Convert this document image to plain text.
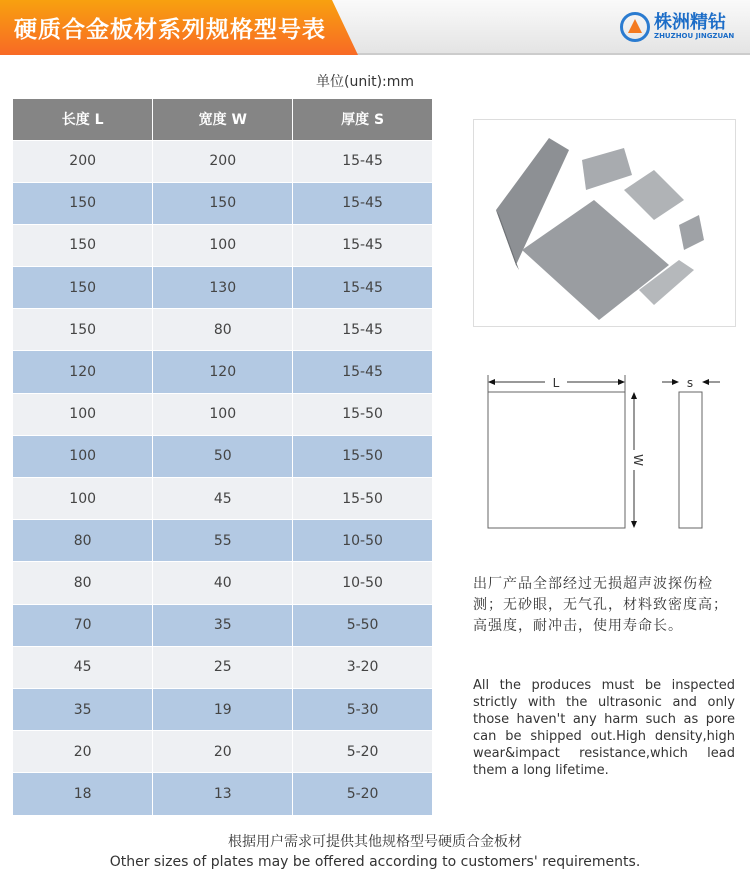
硬质合金板材系列规格型号表	株洲精钻
ZHUZHOU JINGZUAN
单位(unit):mm
长度 L	宽度 W	厚度 S
200	200	15-45
150	150	15-45
150	100	15-45
150	130	15-45
150	80	15-45
120	120	15-45
100	100	15-50
100	50	15-50
100	45	15-50
80	55	10-50
80	40	10-50
70	35	5-50
45	25	3-20
35	19	5-30
20	20	5-20
18	13	5-20
L
W
s
出厂产品全部经过无损超声波探伤检测；无砂眼，无气孔，材料致密度高；高强度，耐冲击，使用寿命长。
All the produces must be inspected strictly with the ultrasonic and only those haven't any harm such as pore can be shipped out.High density,high wear&impact resistance,which lead them a long lifetime.
根据用户需求可提供其他规格型号硬质合金板材
Other sizes of plates may be offered according to customers' requirements.
